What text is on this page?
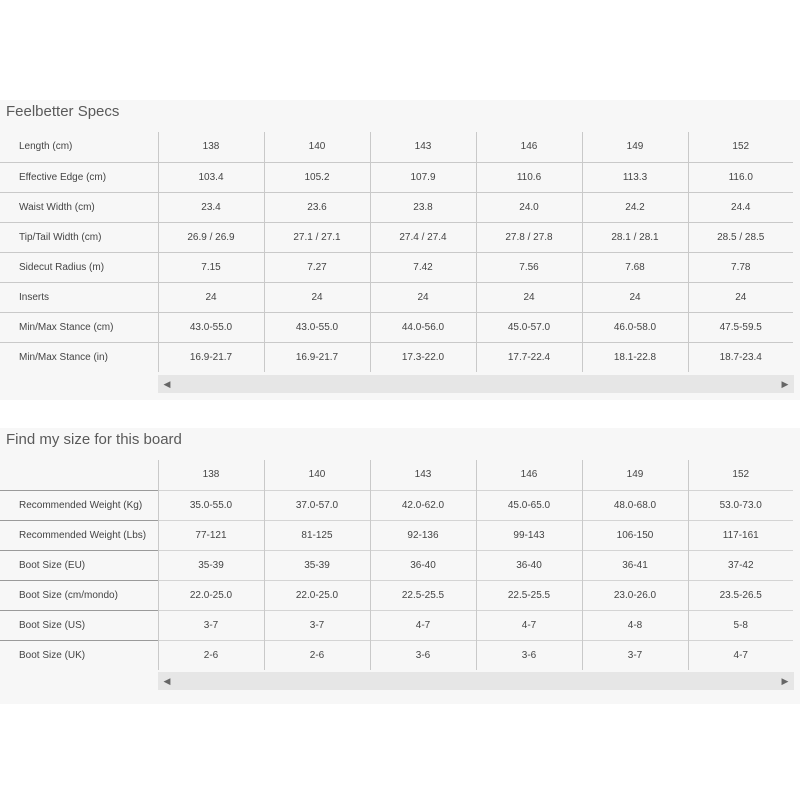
Feelbetter Specs
Length (cm)	138	140	143	146	149	152
Effective Edge (cm)	103.4	105.2	107.9	110.6	113.3	116.0
Waist Width (cm)	23.4	23.6	23.8	24.0	24.2	24.4
Tip/Tail Width (cm)	26.9 / 26.9	27.1 / 27.1	27.4 / 27.4	27.8 / 27.8	28.1 / 28.1	28.5 / 28.5
Sidecut Radius (m)	7.15	7.27	7.42	7.56	7.68	7.78
Inserts	24	24	24	24	24	24
Min/Max Stance (cm)	43.0-55.0	43.0-55.0	44.0-56.0	45.0-57.0	46.0-58.0	47.5-59.5
Min/Max Stance (in)	16.9-21.7	16.9-21.7	17.3-22.0	17.7-22.4	18.1-22.8	18.7-23.4
◀	▶
Find my size for this board
	138	140	143	146	149	152
Recommended Weight (Kg)	35.0-55.0	37.0-57.0	42.0-62.0	45.0-65.0	48.0-68.0	53.0-73.0
Recommended Weight (Lbs)	77-121	81-125	92-136	99-143	106-150	117-161
Boot Size (EU)	35-39	35-39	36-40	36-40	36-41	37-42
Boot Size (cm/mondo)	22.0-25.0	22.0-25.0	22.5-25.5	22.5-25.5	23.0-26.0	23.5-26.5
Boot Size (US)	3-7	3-7	4-7	4-7	4-8	5-8
Boot Size (UK)	2-6	2-6	3-6	3-6	3-7	4-7
◀	▶
